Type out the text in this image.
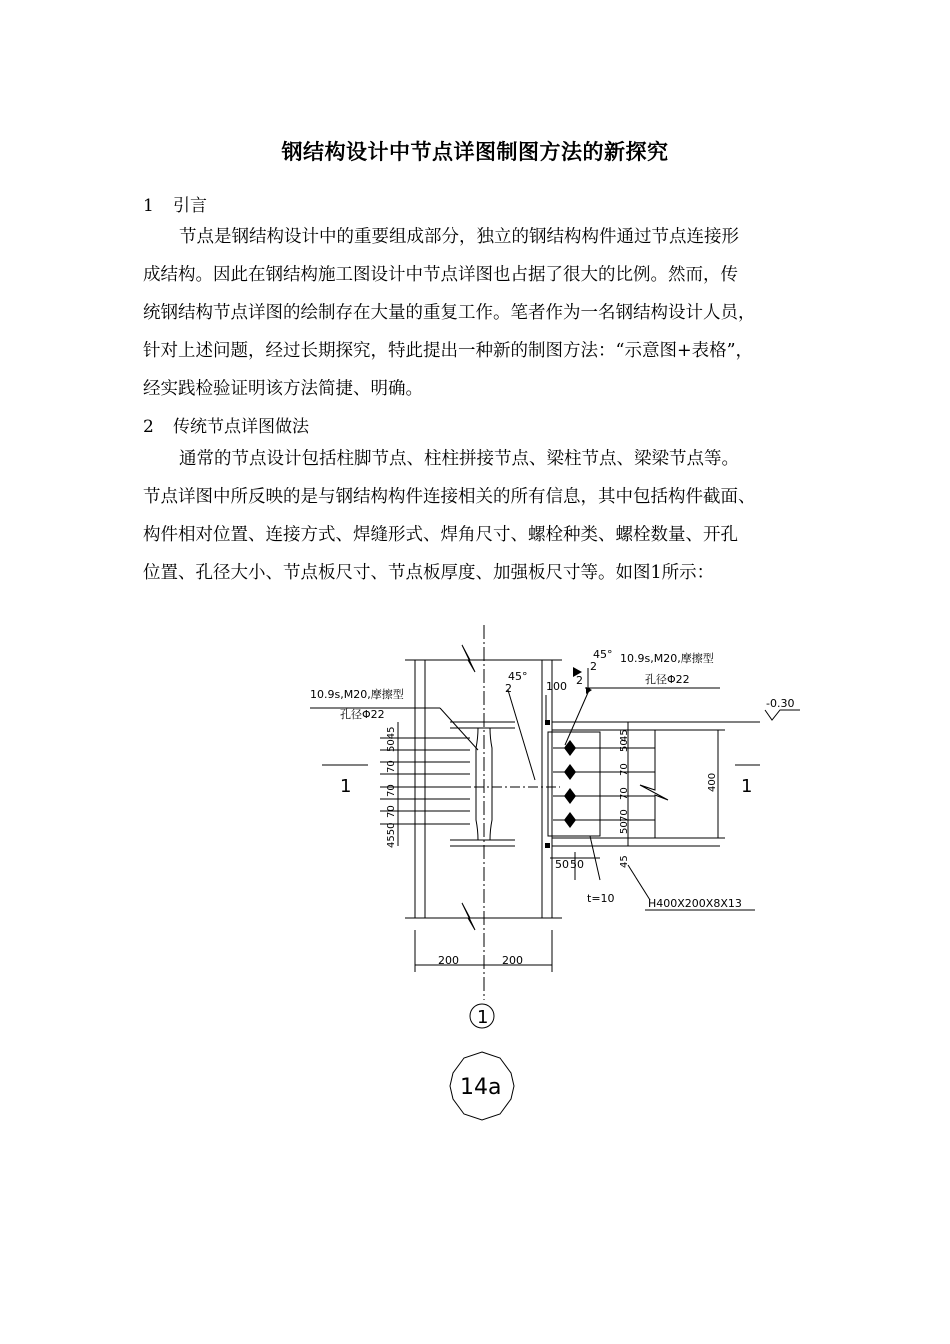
钢结构设计中节点详图制图方法的新探究
1 引言
节点是钢结构设计中的重要组成部分，独立的钢结构构件通过节点连接形
成结构。因此在钢结构施工图设计中节点详图也占据了很大的比例。然而，传
统钢结构节点详图的绘制存在大量的重复工作。笔者作为一名钢结构设计人员，
针对上述问题，经过长期探究，特此提出一种新的制图方法：“示意图+表格”，
经实践检验证明该方法简捷、明确。
2 传统节点详图做法
通常的节点设计包括柱脚节点、柱柱拼接节点、梁柱节点、梁梁节点等。
节点详图中所反映的是与钢结构构件连接相关的所有信息，其中包括构件截面、
构件相对位置、连接方式、焊缝形式、焊角尺寸、螺栓种类、螺栓数量、开孔
位置、孔径大小、节点板尺寸、节点板厚度、加强板尺寸等。如图1所示：
10.9s,M20,摩擦型
孔径Φ22
10.9s,M20,摩擦型
孔径Φ22
45°
2
45°
2
2
100
-0.30
200	200
50 50
t=10	H400X200X8X13
5045
70
70
70
4550
45
50
70
70
70
50
45
400
1	1
1
14a
